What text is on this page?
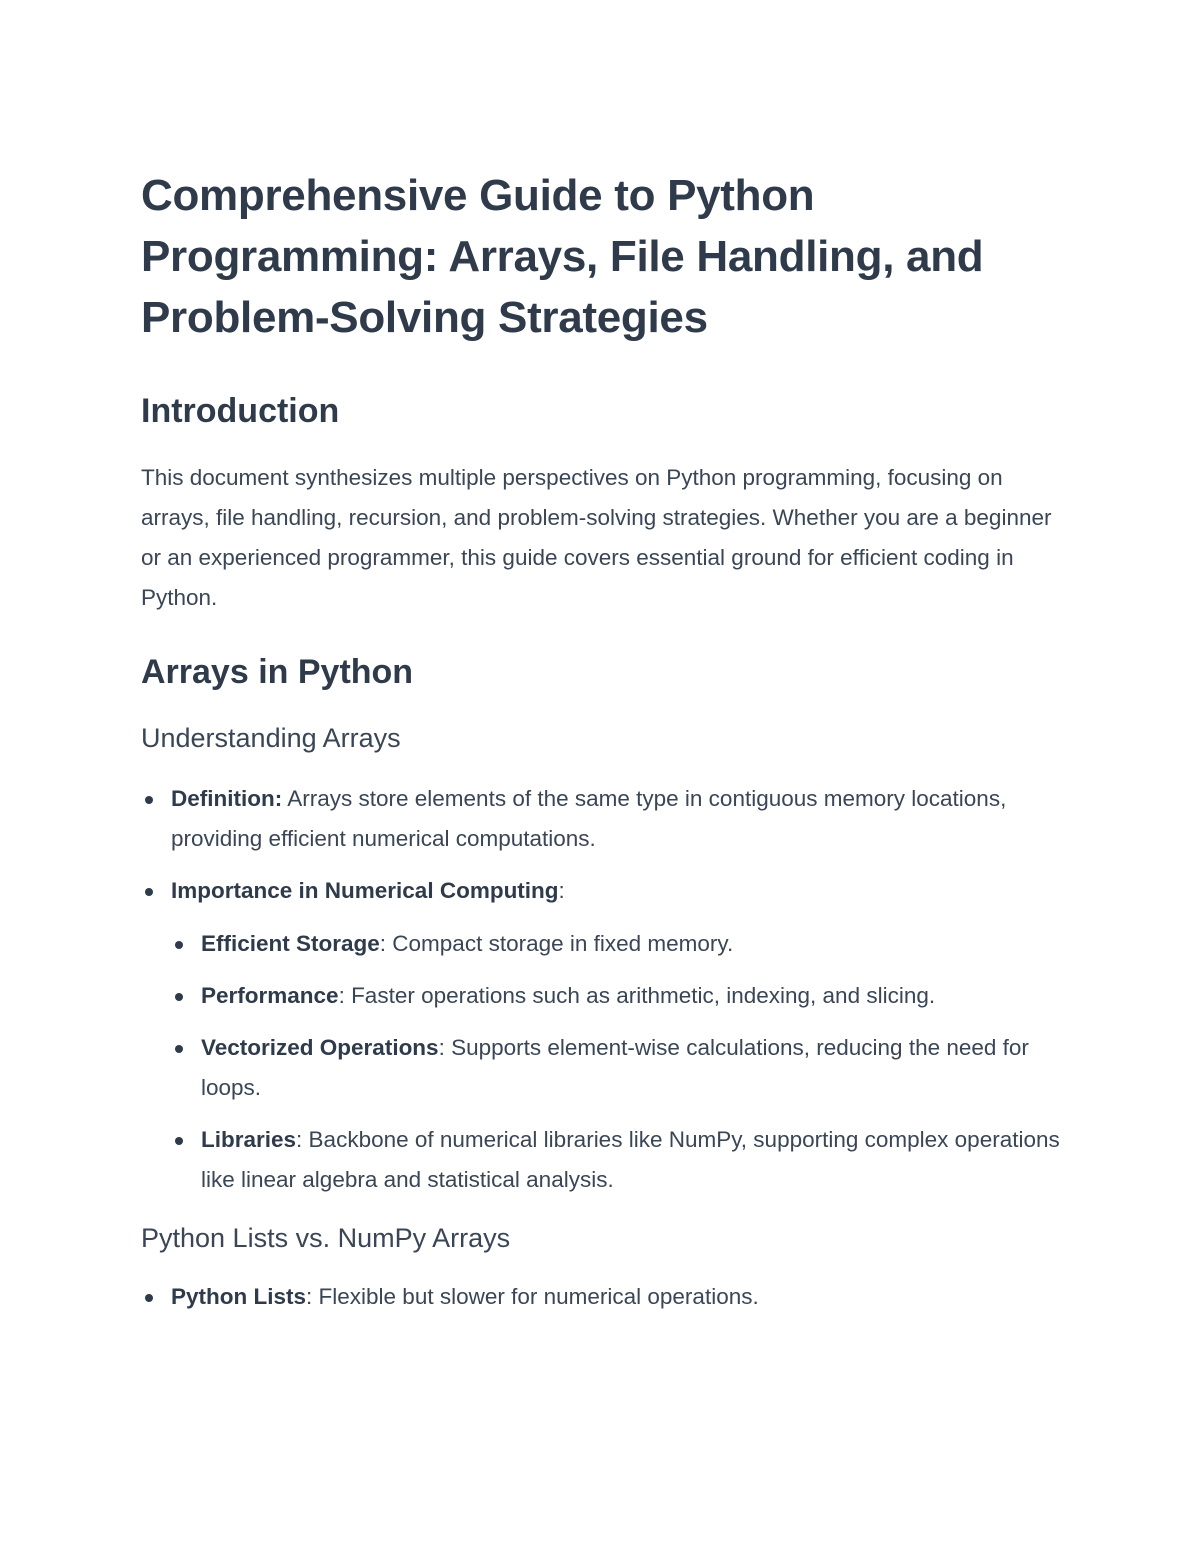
Comprehensive Guide to Python Programming: Arrays, File Handling, and Problem-Solving Strategies
Introduction

This document synthesizes multiple perspectives on Python programming, focusing on arrays, file handling, recursion, and problem-solving strategies. Whether you are a beginner or an experienced programmer, this guide covers essential ground for efficient coding in Python.

Arrays in Python
Understanding Arrays
Definition: Arrays store elements of the same type in contiguous memory locations, providing efficient numerical computations.
Importance in Numerical Computing:
Efficient Storage: Compact storage in fixed memory.
Performance: Faster operations such as arithmetic, indexing, and slicing.
Vectorized Operations: Supports element-wise calculations, reducing the need for loops.
Libraries: Backbone of numerical libraries like NumPy, supporting complex operations like linear algebra and statistical analysis.
Python Lists vs. NumPy Arrays
Python Lists: Flexible but slower for numerical operations.
